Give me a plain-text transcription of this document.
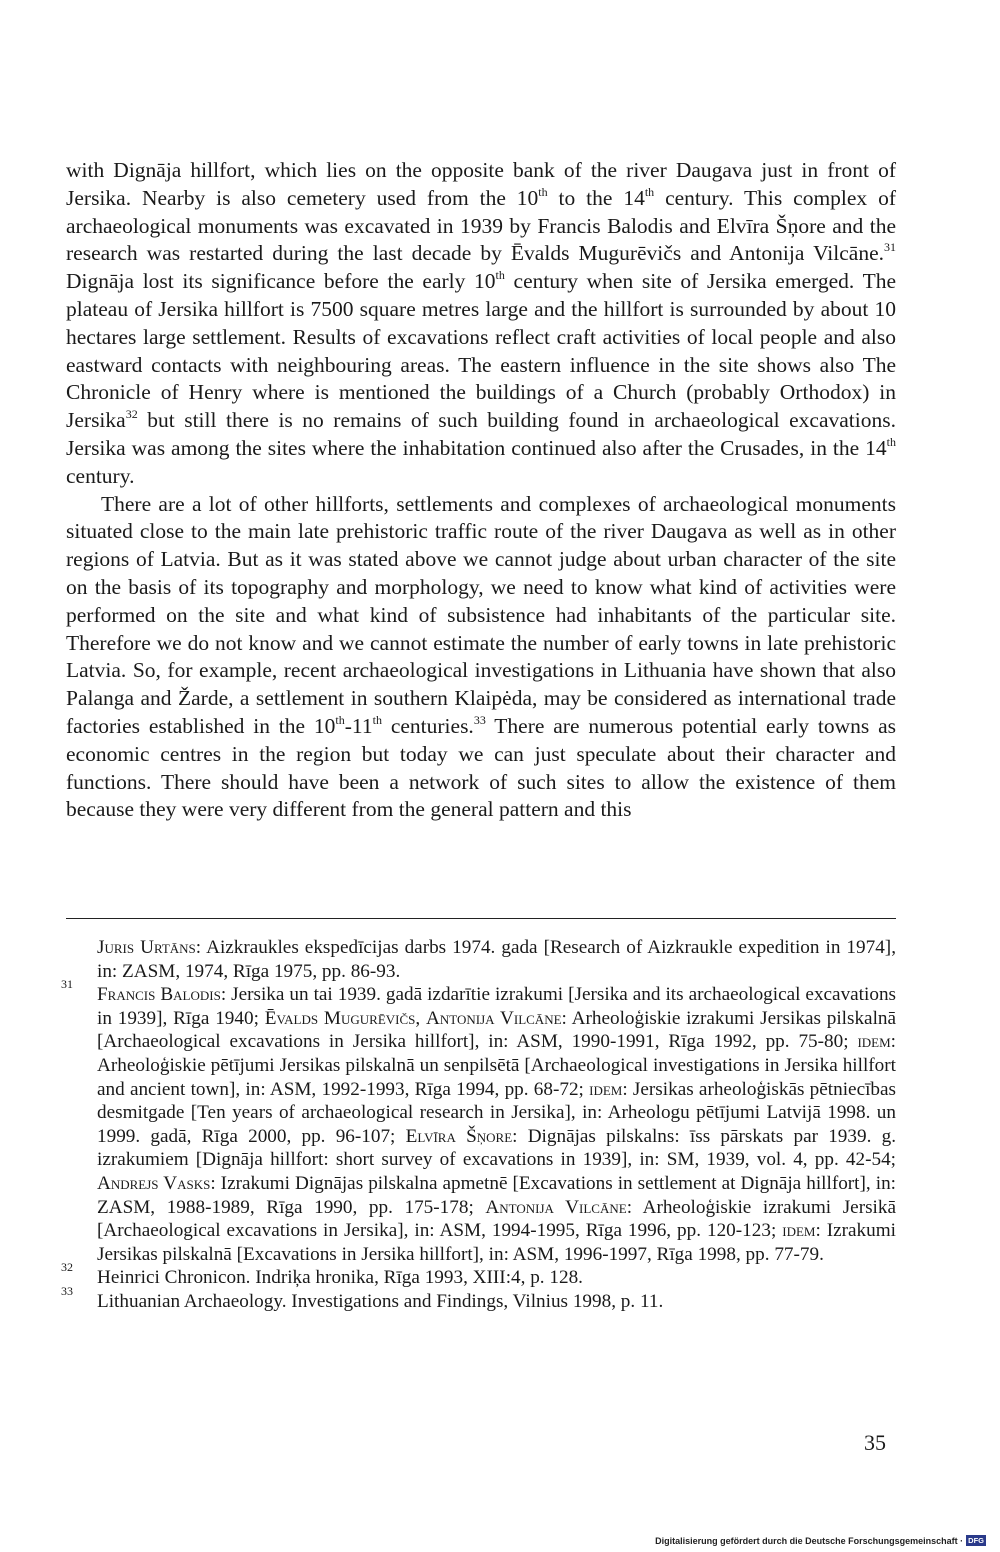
with Dignāja hillfort, which lies on the opposite bank of the river Daugava just in front of Jersika. Nearby is also cemetery used from the 10th to the 14th century. This complex of archaeological monuments was excavated in 1939 by Francis Balodis and Elvīra Šņore and the research was restarted during the last decade by Ēvalds Mugurēvičs and Antonija Vilcāne.$^{31}$ Dignāja lost its significance before the early 10th century when site of Jersika emerged. The plateau of Jersika hillfort is 7500 square metres large and the hillfort is surrounded by about 10 hectares large settlement. Results of excavations reflect craft activities of local people and also eastward contacts with neighbouring areas. The eastern influence in the site shows also The Chronicle of Henry where is mentioned the buildings of a Church (probably Orthodox) in Jersika$^{32}$ but still there is no remains of such building found in archaeological excavations. Jersika was among the sites where the inhabitation continued also after the Crusades, in the 14th century.

There are a lot of other hillforts, settlements and complexes of archaeological monuments situated close to the main late prehistoric traffic route of the river Daugava as well as in other regions of Latvia. But as it was stated above we cannot judge about urban character of the site on the basis of its topography and morphology, we need to know what kind of activities were performed on the site and what kind of subsistence had inhabitants of the particular site. Therefore we do not know and we cannot estimate the number of early towns in late prehistoric Latvia. So, for example, recent archaeological investigations in Lithuania have shown that also Palanga and Žarde, a settlement in southern Klaipėda, may be considered as international trade factories established in the 10th-11th centuries.$^{33}$ There are numerous potential early towns as economic centres in the region but today we can just speculate about their character and functions. There should have been a network of such sites to allow the existence of them because they were very different from the general pattern and this

Juris Urtāns: Aizkraukles ekspedīcijas darbs 1974. gada [Research of Aizkraukle expedition in 1974], in: ZASM, 1974, Rīga 1975, pp. 86-93.
31 Francis Balodis: Jersika un tai 1939. gadā izdarītie izrakumi [Jersika and its archaeological excavations in 1939], Rīga 1940; Ēvalds Mugurēvičs, Antonija Vilcāne: Arheoloģiskie izrakumi Jersikas pilskalnā [Archaeological excavations in Jersika hillfort], in: ASM, 1990-1991, Rīga 1992, pp. 75-80; idem: Arheoloģiskie pētījumi Jersikas pilskalnā un senpilsētā [Archaeological investigations in Jersika hillfort and ancient town], in: ASM, 1992-1993, Rīga 1994, pp. 68-72; idem: Jersikas arheoloģiskās pētniecības desmitgade [Ten years of archaeological research in Jersika], in: Arheologu pētījumi Latvijā 1998. un 1999. gadā, Rīga 2000, pp. 96-107; Elvīra Šņore: Dignājas pilskalns: īss pārskats par 1939. g. izrakumiem [Dignāja hillfort: short survey of excavations in 1939], in: SM, 1939, vol. 4, pp. 42-54; Andrejs Vasks: Izrakumi Dignājas pilskalna apmetnē [Excavations in settlement at Dignāja hillfort], in: ZASM, 1988-1989, Rīga 1990, pp. 175-178; Antonija Vilcāne: Arheoloģiskie izrakumi Jersikā [Archaeological excavations in Jersika], in: ASM, 1994-1995, Rīga 1996, pp. 120-123; idem: Izrakumi Jersikas pilskalnā [Excavations in Jersika hillfort], in: ASM, 1996-1997, Rīga 1998, pp. 77-79.
32 Heinrici Chronicon. Indriķa hronika, Rīga 1993, XIII:4, p. 128.
33 Lithuanian Archaeology. Investigations and Findings, Vilnius 1998, p. 11.
35
Digitalisierung gefördert durch die Deutsche Forschungsgemeinschaft · DFG
